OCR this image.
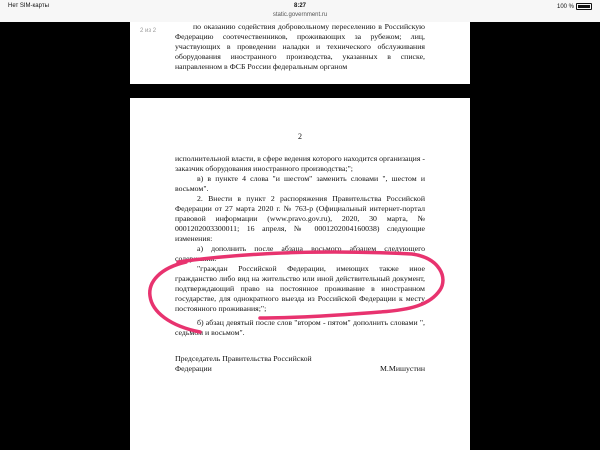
Нет SIM-карты	8:27	100 %
static.government.ru
по оказанию содействия добровольному переселению в Российскую Федерацию соотечественников, проживающих за рубежом; лиц, участвующих в проведении наладки и технического обслуживания оборудования иностранного производства, указанных в списке, направленном в ФСБ России федеральным органом
2 из 2
2
исполнительной власти, в сфере ведения которого находится организация - заказчик оборудования иностранного производства;";
в) в пункте 4 слова "и шестом" заменить словами ", шестом и восьмом".
2. Внести в пункт 2 распоряжения Правительства Российской Федерации от 27 марта 2020 г. № 763-р (Официальный интернет-портал правовой информации (www.pravo.gov.ru), 2020, 30 марта, № 0001202003300011; 16 апреля, № 0001202004160038) следующие изменения:
а) дополнить после абзаца восьмого абзацем следующего содержания:
"граждан Российской Федерации, имеющих также иное гражданство либо вид на жительство или иной действительный документ, подтверждающий право на постоянное проживание в иностранном государстве, для однократного выезда из Российской Федерации к месту постоянного проживания;";
б) абзац девятый после слов "втором - пятом" дополнить словами ", седьмом и восьмом".
Председатель Правительства Российской Федерации	М.Мишустин
